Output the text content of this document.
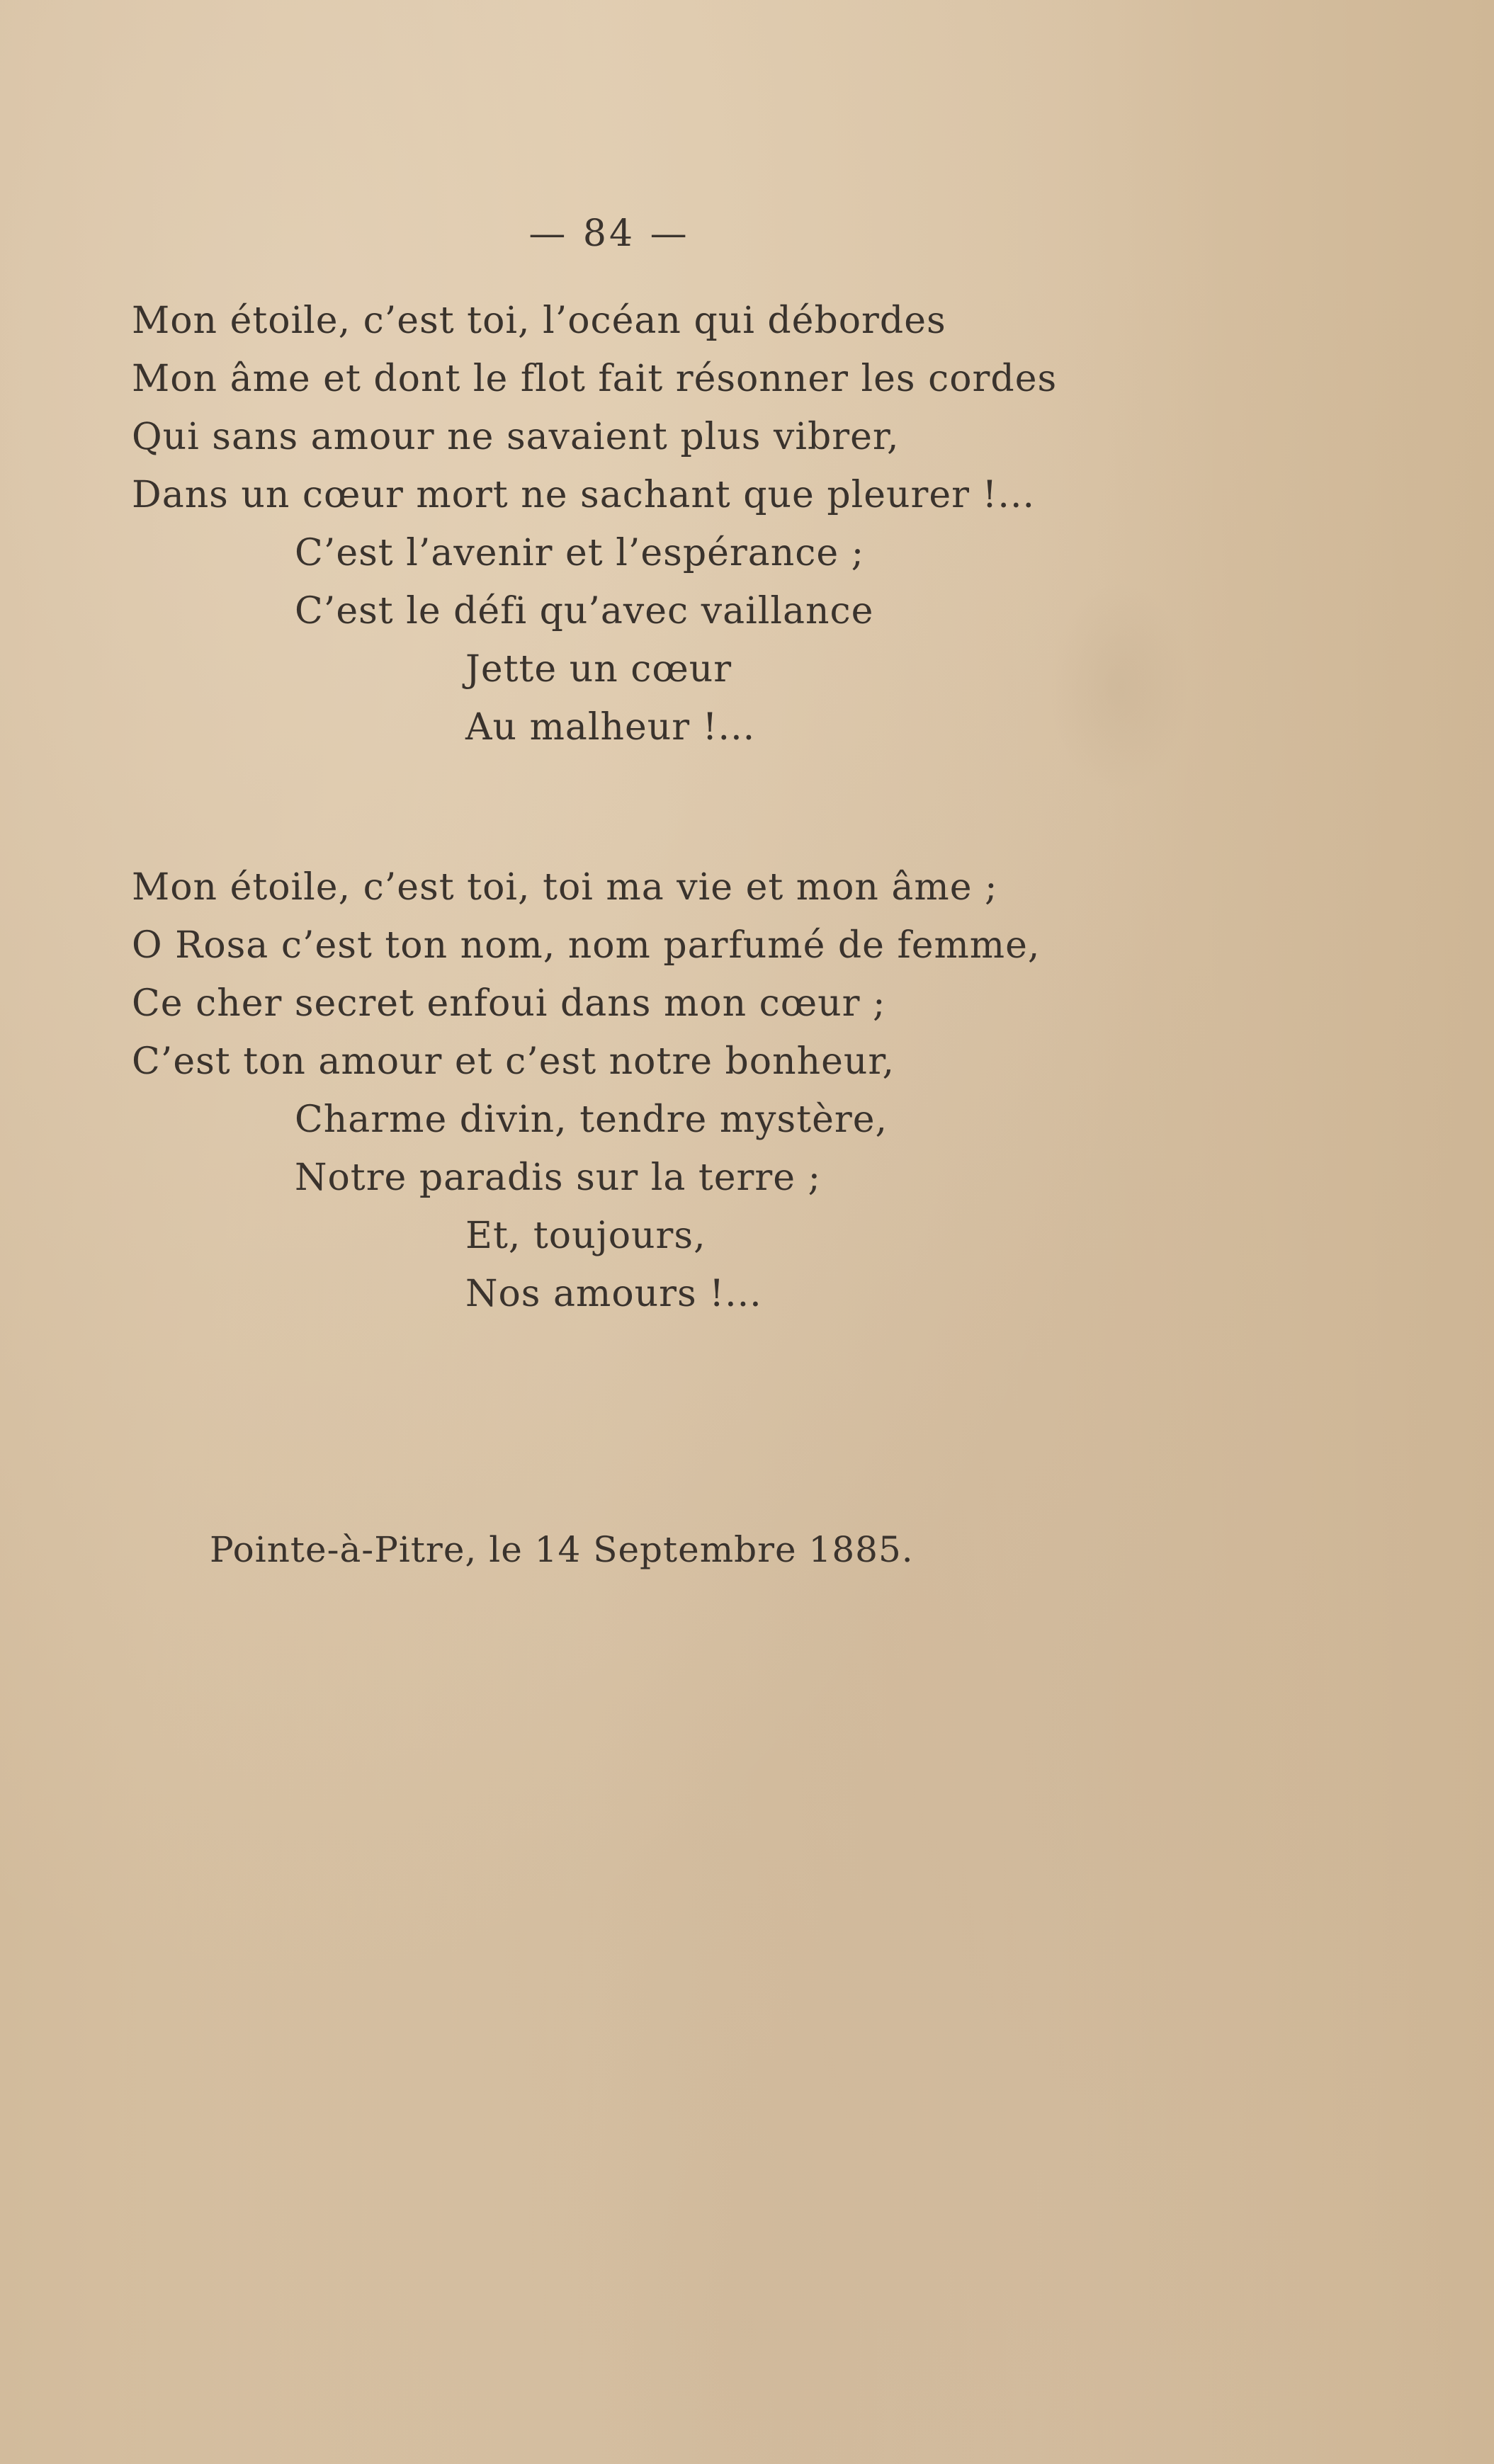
— 84 —
Mon étoile, c’est toi, l’océan qui débordes
Mon âme et dont le flot fait résonner les cordes
Qui sans amour ne savaient plus vibrer,
Dans un cœur mort ne sachant que pleurer !...
C’est l’avenir et l’espérance ;
C’est le défi qu’avec vaillance
Jette un cœur
Au malheur !...
Mon étoile, c’est toi, toi ma vie et mon âme ;
O Rosa c’est ton nom, nom parfumé de femme,
Ce cher secret enfoui dans mon cœur ;
C’est ton amour et c’est notre bonheur,
Charme divin, tendre mystère,
Notre paradis sur la terre ;
Et, toujours,
Nos amours !...
Pointe-à-Pitre, le 14 Septembre 1885.
